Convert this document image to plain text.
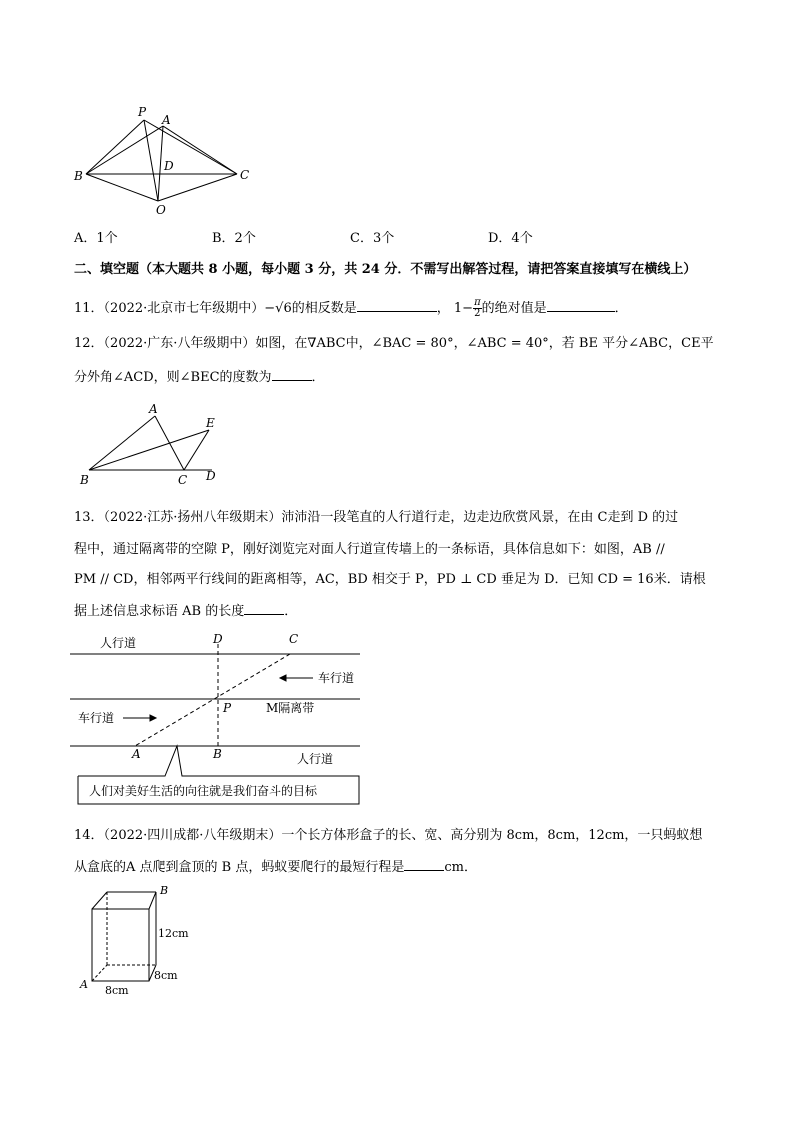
P
A
D
B	C
O
A．1个	B．2个	C．3个	D．4个
二、填空题（本大题共 8 小题，每小题 3 分，共 24 分．不需写出解答过程，请把答案直接填写在横线上）
11．（2022·北京市七年级期中）−√6的相反数是	， $1- \frac{\pi}{2}$ 的绝对值是	．
12．（2022·广东·八年级期中）如图，在∇ABC中，∠BAC = 80°，∠ABC = 40°，若 BE 平分∠ABC，CE平
分外角∠ACD，则∠BEC的度数为	．
A
E
B	C D
13．（2022·江苏·扬州八年级期末）沛沛沿一段笔直的人行道行走，边走边欣赏风景，在由 C走到 D 的过
程中，通过隔离带的空隙 P，刚好浏览完对面人行道宣传墙上的一条标语，具体信息如下：如图，AB //
PM // CD，相邻两平行线间的距离相等，AC，BD 相交于 P，PD ⊥ CD 垂足为 D．已知 CD = 16米．请根
据上述信息求标语 AB 的长度	．
人行道	C
D
车行道
P	M隔离带
车行道
A	B	人行道
人们对美好生活的向往就是我们奋斗的目标
14．（2022·四川成都·八年级期末）一个长方体形盒子的长、宽、高分别为 8cm，8cm，12cm，一只蚂蚁想
从盒底的A 点爬到盒顶的 B 点，蚂蚁要爬行的最短行程是	cm．
B
12cm
8cm
A 8cm
